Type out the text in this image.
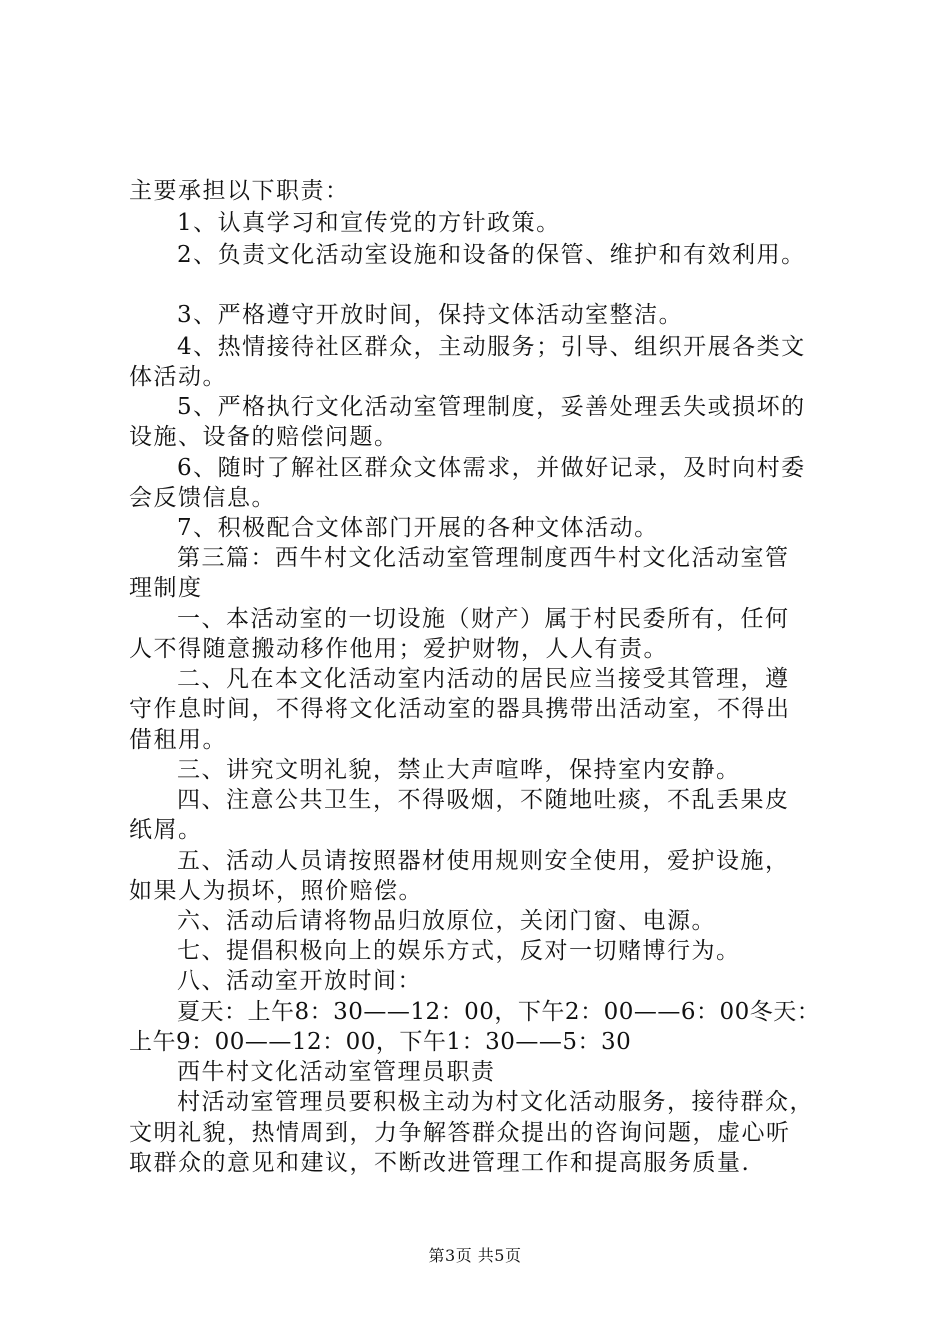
主要承担以下职责：
1、认真学习和宣传党的方针政策。
2、负责文化活动室设施和设备的保管、维护和有效利用。
3、严格遵守开放时间，保持文体活动室整洁。
4、热情接待社区群众，主动服务；引导、组织开展各类文
体活动。
5、严格执行文化活动室管理制度，妥善处理丢失或损坏的
设施、设备的赔偿问题。
6、随时了解社区群众文体需求，并做好记录，及时向村委
会反馈信息。
7、积极配合文体部门开展的各种文体活动。
第三篇：西牛村文化活动室管理制度西牛村文化活动室管
理制度
一、本活动室的一切设施（财产）属于村民委所有，任何
人不得随意搬动移作他用；爱护财物，人人有责。
二、凡在本文化活动室内活动的居民应当接受其管理，遵
守作息时间，不得将文化活动室的器具携带出活动室，不得出
借租用。
三、讲究文明礼貌，禁止大声喧哗，保持室内安静。
四、注意公共卫生，不得吸烟，不随地吐痰，不乱丢果皮
纸屑。
五、活动人员请按照器材使用规则安全使用，爱护设施，
如果人为损坏，照价赔偿。
六、活动后请将物品归放原位，关闭门窗、电源。
七、提倡积极向上的娱乐方式，反对一切赌博行为。
八、活动室开放时间：
夏天：上午8：30——12：00，下午2：00——6：00冬天：
上午9：00——12：00，下午1：30——5：30
西牛村文化活动室管理员职责
村活动室管理员要积极主动为村文化活动服务，接待群众，
文明礼貌，热情周到，力争解答群众提出的咨询问题，虚心听
取群众的意见和建议，不断改进管理工作和提高服务质量.
第3页 共5页
